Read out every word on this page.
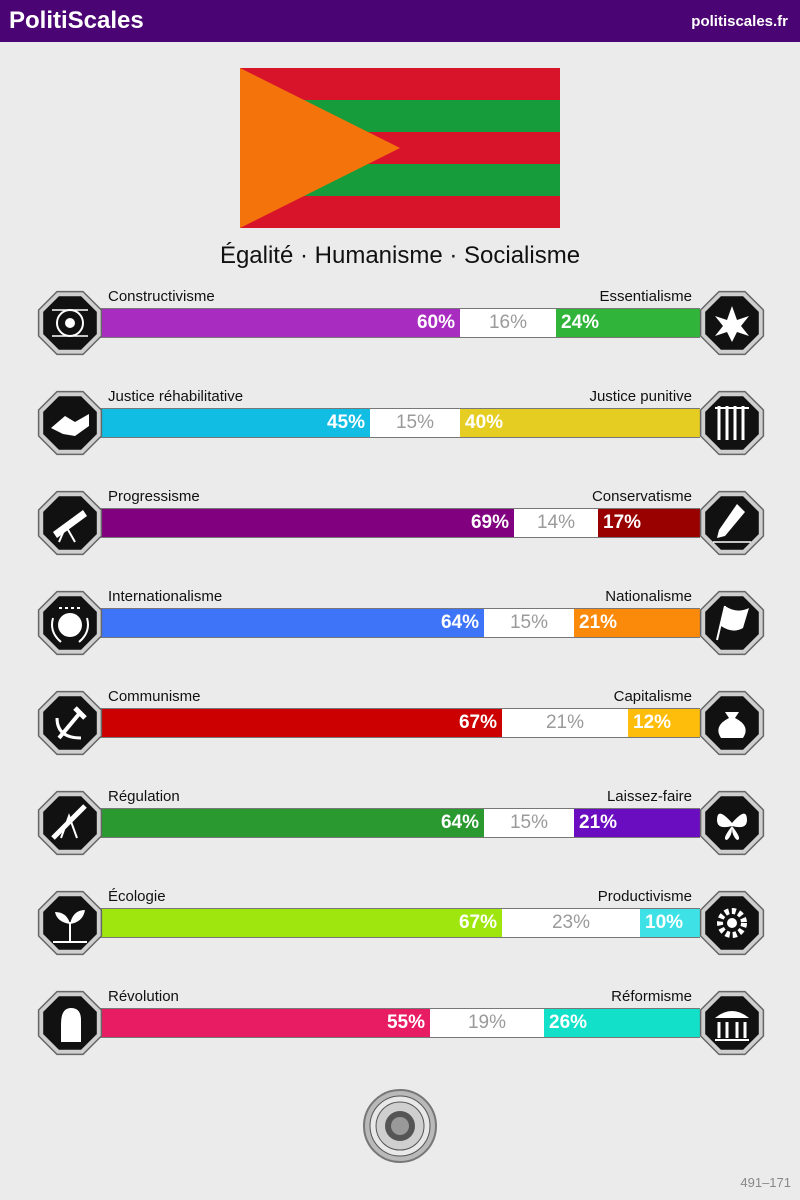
PolitiScales	politiscales.fr
Égalité · Humanisme · Socialisme
Constructivisme	Essentialisme
60%	16%	24%
Justice réhabilitative	Justice punitive
45%	15%	40%
Progressisme	Conservatisme
69%	14%	17%
Internationalisme	Nationalisme
64%	15%	21%
Communisme	Capitalisme
67%	21%	12%
Régulation	Laissez-faire
64%	15%	21%
Écologie	Productivisme
67%	23%	10%
Révolution	Réformisme
55%	19%	26%
491–171
